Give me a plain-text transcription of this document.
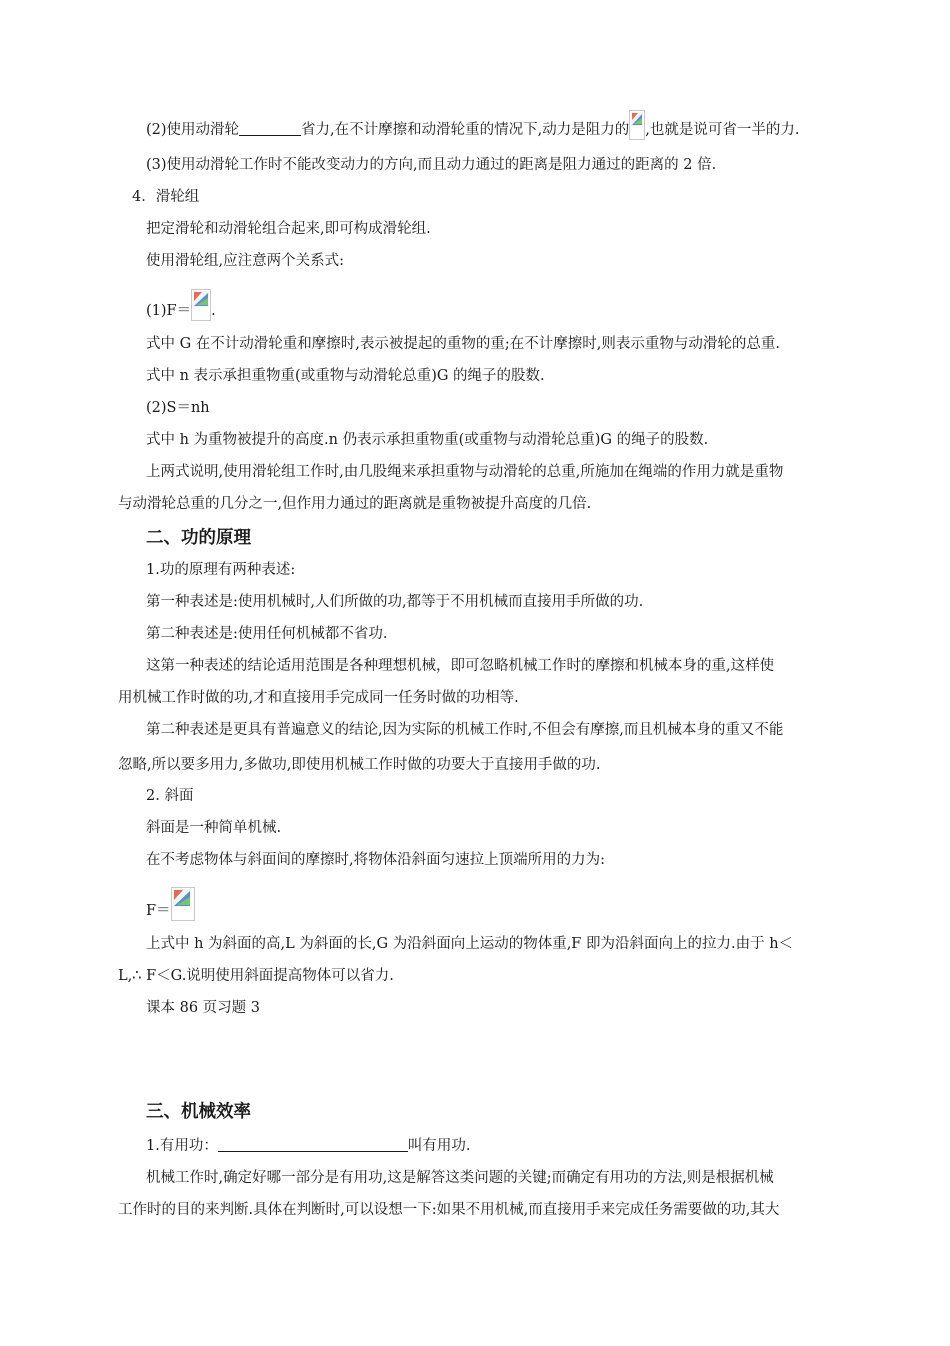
(2)使用动滑轮	省力,在不计摩擦和动滑轮重的情况下,动力是阻力的 ,也就是说可省一半的力.
(3)使用动滑轮工作时不能改变动力的方向,而且动力通过的距离是阻力通过的距离的 2 倍.
4．滑轮组
把定滑轮和动滑轮组合起来,即可构成滑轮组.
使用滑轮组,应注意两个关系式:
(1)F＝ .
式中 G 在不计动滑轮重和摩擦时,表示被提起的重物的重;在不计摩擦时,则表示重物与动滑轮的总重.
式中 n 表示承担重物重(或重物与动滑轮总重)G 的绳子的股数.
(2)S＝nh
式中 h 为重物被提升的高度.n 仍表示承担重物重(或重物与动滑轮总重)G 的绳子的股数.
上两式说明,使用滑轮组工作时,由几股绳来承担重物与动滑轮的总重,所施加在绳端的作用力就是重物
与动滑轮总重的几分之一,但作用力通过的距离就是重物被提升高度的几倍.
二、功的原理
1.功的原理有两种表述:
第一种表述是:使用机械时,人们所做的功,都等于不用机械而直接用手所做的功.
第二种表述是:使用任何机械都不省功.
这第一种表述的结论适用范围是各种理想机械，即可忽略机械工作时的摩擦和机械本身的重,这样使
用机械工作时做的功,才和直接用手完成同一任务时做的功相等.
第二种表述是更具有普遍意义的结论,因为实际的机械工作时,不但会有摩擦,而且机械本身的重又不能
忽略,所以要多用力,多做功,即使用机械工作时做的功要大于直接用手做的功.
2. 斜面
斜面是一种简单机械.
在不考虑物体与斜面间的摩擦时,将物体沿斜面匀速拉上顶端所用的力为:
F＝
上式中 h 为斜面的高,L 为斜面的长,G 为沿斜面向上运动的物体重,F 即为沿斜面向上的拉力.由于 h＜
L,∴ F＜G.说明使用斜面提高物体可以省力.
课本 86 页习题 3
三、机械效率
1.有用功：	叫有用功.
机械工作时,确定好哪一部分是有用功,这是解答这类问题的关键;而确定有用功的方法,则是根据机械
工作时的目的来判断.具体在判断时,可以设想一下:如果不用机械,而直接用手来完成任务需要做的功,其大
